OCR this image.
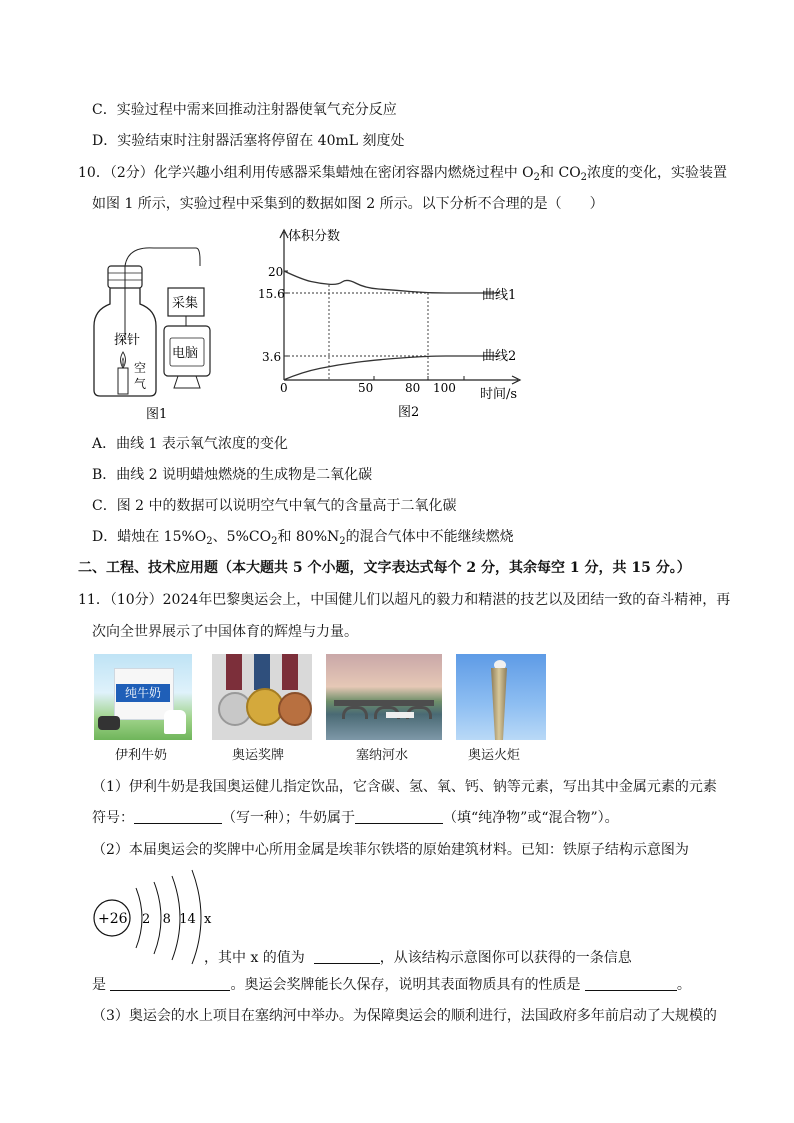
C．实验过程中需来回推动注射器使氧气充分反应
D．实验结束时注射器活塞将停留在 40mL 刻度处
10．（2分）化学兴趣小组利用传感器采集蜡烛在密闭容器内燃烧过程中 $O_2$和 $CO_2$浓度的变化，实验装置
如图 1 所示，实验过程中采集到的数据如图 2 所示。以下分析不合理的是（　　）
探针
空
气
采集
电脑
图1
体积分数
时间/s
20
15.6
3.6
0	50	80 100
曲线1
曲线2
图2
A．曲线 1 表示氧气浓度的变化
B．曲线 2 说明蜡烛燃烧的生成物是二氧化碳
C．图 2 中的数据可以说明空气中氧气的含量高于二氧化碳
D．蜡烛在 $15\%O_2$、$5\%CO_2$和 $80\%N_2$的混合气体中不能继续燃烧
二、工程、技术应用题（本大题共 5 个小题，文字表达式每个 2 分，其余每空 1 分，共 15 分。）
11．（10分）2024年巴黎奥运会上，中国健儿们以超凡的毅力和精湛的技艺以及团结一致的奋斗精神，再
次向全世界展示了中国体育的辉煌与力量。
纯牛奶
伊利牛奶	奥运奖牌	塞纳河水	奥运火炬
（1）伊利牛奶是我国奥运健儿指定饮品，它含碳、氢、氧、钙、钠等元素，写出其中金属元素的元素
符号：	（写一种）；牛奶属于	（填“纯净物”或“混合物”）。
（2）本届奥运会的奖牌中心所用金属是埃菲尔铁塔的原始建筑材料。已知：铁原子结构示意图为
+26 2   8  14  x
，其中 x 的值为	，从该结构示意图你可以获得的一条信息
是	。奥运会奖牌能长久保存，说明其表面物质具有的性质是	。
（3）奥运会的水上项目在塞纳河中举办。为保障奥运会的顺利进行，法国政府多年前启动了大规模的
